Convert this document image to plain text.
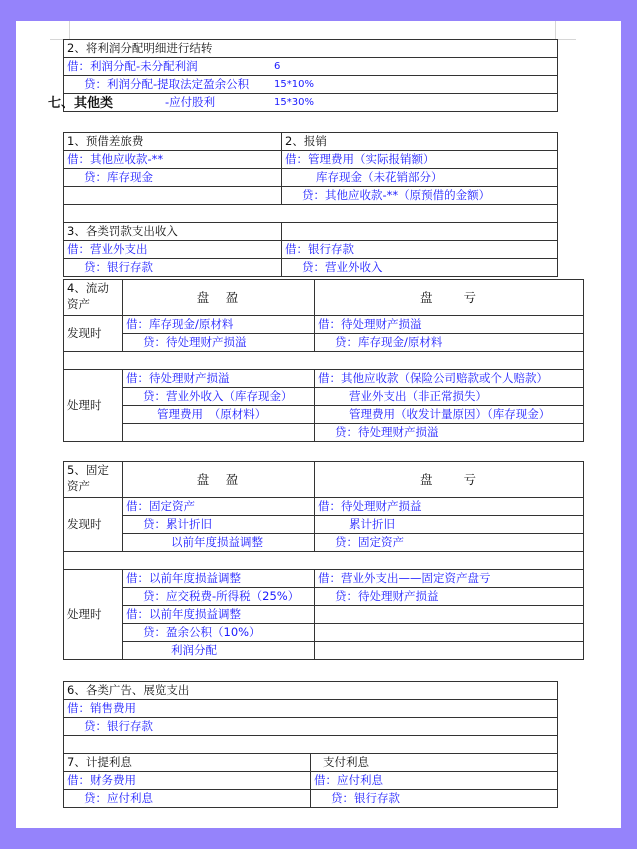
2、将利润分配明细进行结转
借：利润分配-未分配利润	6

贷：利润分配-提取法定盈余公积 15*10%

-应付股利	15*30%
七、其他类
1、预借差旅费	2、报销
借：其他应收款-**	借：管理费用（实际报销额）
贷：库存现金	库存现金（未花销部分）
	贷：其他应收款-**（原预借的金额）

3、各类罚款支出收入	
借：营业外支出	借：银行存款
贷：银行存款	贷：营业外收入
4、流动资产	盘　盈	盘　　亏
发现时	借：库存现金/原材料	借：待处理财产损溢
	贷：待处理财产损溢	贷：库存现金/原材料

处理时	借：待处理财产损溢	借：其他应收款（保险公司赔款或个人赔款）
	贷：营业外收入（库存现金）	营业外支出（非正常损失）
	管理费用　（原材料）	管理费用（收发计量原因）（库存现金）
		贷：待处理财产损溢
5、固定资产	盘　盈	盘　　亏
发现时	借：固定资产	借：待处理财产损益
	贷：累计折旧	累计折旧
	以前年度损益调整	贷：固定资产

处理时	借：以前年度损益调整	借：营业外支出——固定资产盘亏
	贷：应交税费-所得税（25%）	贷：待处理财产损益
	借：以前年度损益调整	
	贷：盈余公积（10%）	
	利润分配	
6、各类广告、展览支出	
借：销售费用	
贷：银行存款	

7、计提利息	支付利息
借：财务费用	借：应付利息
贷：应付利息	贷：银行存款
